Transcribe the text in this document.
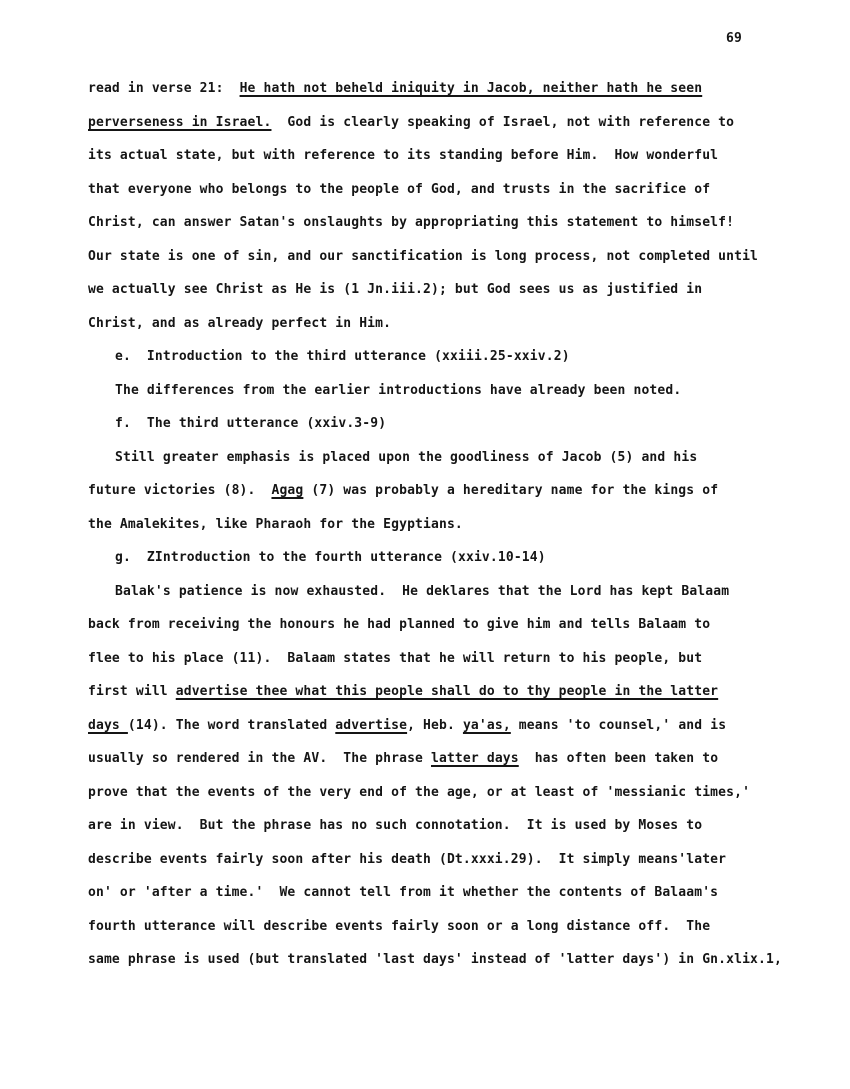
69
read in verse 21:  He hath not beheld iniquity in Jacob, neither hath he seen
perverseness in Israel.  God is clearly speaking of Israel, not with reference to
its actual state, but with reference to its standing before Him.  How wonderful
that everyone who belongs to the people of God, and trusts in the sacrifice of
Christ, can answer Satan's onslaughts by appropriating this statement to himself!
Our state is one of sin, and our sanctification is long process, not completed until
we actually see Christ as He is (1 Jn.iii.2); but God sees us as justified in
Christ, and as already perfect in Him.
e.  Introduction to the third utterance (xxiii.25-xxiv.2)
The differences from the earlier introductions have already been noted.
f.  The third utterance (xxiv.3-9)
Still greater emphasis is placed upon the goodliness of Jacob (5) and his
future victories (8).  Agag (7) was probably a hereditary name for the kings of
the Amalekites, like Pharaoh for the Egyptians.
g.  ZIntroduction to the fourth utterance (xxiv.10-14)
Balak's patience is now exhausted.  He deklares that the Lord has kept Balaam
back from receiving the honours he had planned to give him and tells Balaam to
flee to his place (11).  Balaam states that he will return to his people, but
first will advertise thee what this people shall do to thy people in the latter
days (14). The word translated advertise, Heb. ya'as, means 'to counsel,' and is
usually so rendered in the AV.  The phrase latter days  has often been taken to
prove that the events of the very end of the age, or at least of 'messianic times,'
are in view.  But the phrase has no such connotation.  It is used by Moses to
describe events fairly soon after his death (Dt.xxxi.29).  It simply means'later
on' or 'after a time.'  We cannot tell from it whether the contents of Balaam's
fourth utterance will describe events fairly soon or a long distance off.  The
same phrase is used (but translated 'last days' instead of 'latter days') in Gn.xlix.1,
